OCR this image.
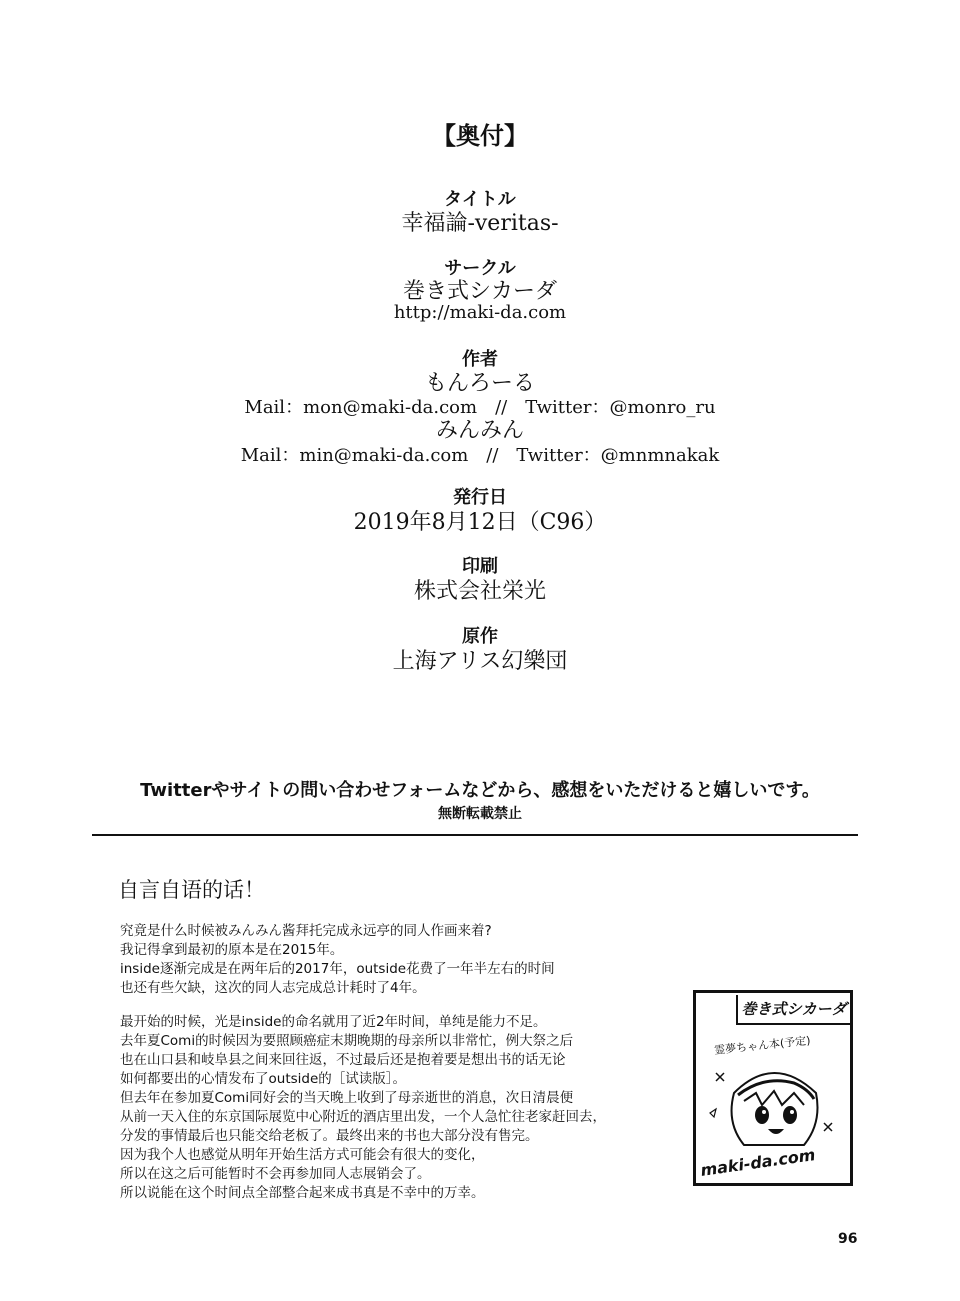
【奥付】
タイトル
幸福論-veritas-
サークル
巻き式シカーダ
http://maki-da.com
作者
もんろーる
Mail：mon@maki-da.com　//　Twitter：@monro_ru
みんみん
Mail：min@maki-da.com　//　Twitter：@mnmnakak
発行日
2019年8月12日（C96）
印刷
株式会社栄光
原作
上海アリス幻樂団
Twitterやサイトの問い合わせフォームなどから、感想をいただけると嬉しいです。
無断転載禁止
自言自语的话！
究竟是什么时候被みんみん酱拜托完成永远亭的同人作画来着?
我记得拿到最初的原本是在2015年。
inside逐渐完成是在两年后的2017年，outside花费了一年半左右的时间
也还有些欠缺，这次的同人志完成总计耗时了4年。
最开始的时候，光是inside的命名就用了近2年时间，单纯是能力不足。
去年夏Comi的时候因为要照顾癌症末期晚期的母亲所以非常忙，例大祭之后
也在山口县和岐阜县之间来回往返，不过最后还是抱着要是想出书的话无论
如何都要出的心情发布了outside的［试读版］。
但去年在参加夏Comi同好会的当天晚上收到了母亲逝世的消息，次日清晨便
从前一天入住的东京国际展览中心附近的酒店里出发，一个人急忙往老家赶回去，
分发的事情最后也只能交给老板了。最终出来的书也大部分没有售完。
因为我个人也感觉从明年开始生活方式可能会有很大的变化，
所以在这之后可能暂时不会再参加同人志展销会了。
所以说能在这个时间点全部整合起来成书真是不幸中的万幸。
巻き式シカーダ
霊夢ちゃん本(予定)
maki-da.com
96
